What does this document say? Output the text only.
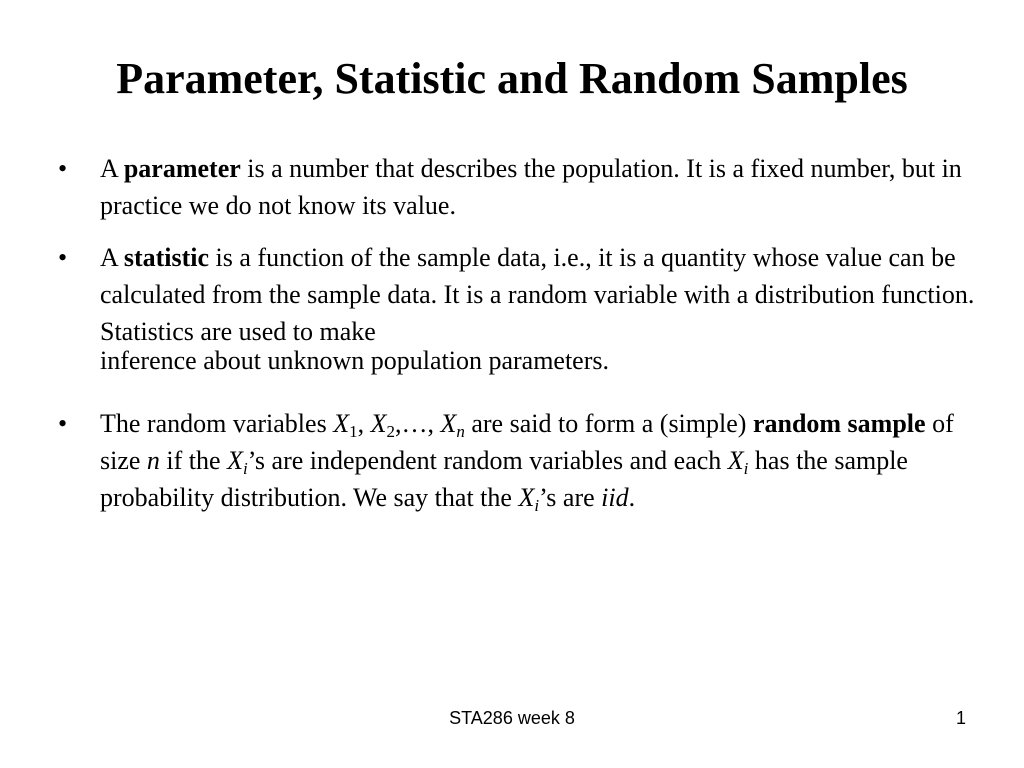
Parameter, Statistic and Random Samples
• A parameter is a number that describes the population. It is a fixed number, but in practice we do not know its value.
• A statistic is a function of the sample data, i.e., it is a quantity whose value can be calculated from the sample data. It is a random variable with a distribution function. Statistics are used to make
inference about unknown population parameters.
• The random variables $X_1$, $X_2,\dots$, $X_n$ are said to form a (simple) random sample of size n if the $X_i’s$ are independent random variables and each $X_i$ has the sample probability distribution. We say that the $X_i’s$ are iid.
STA286 week 8	1
